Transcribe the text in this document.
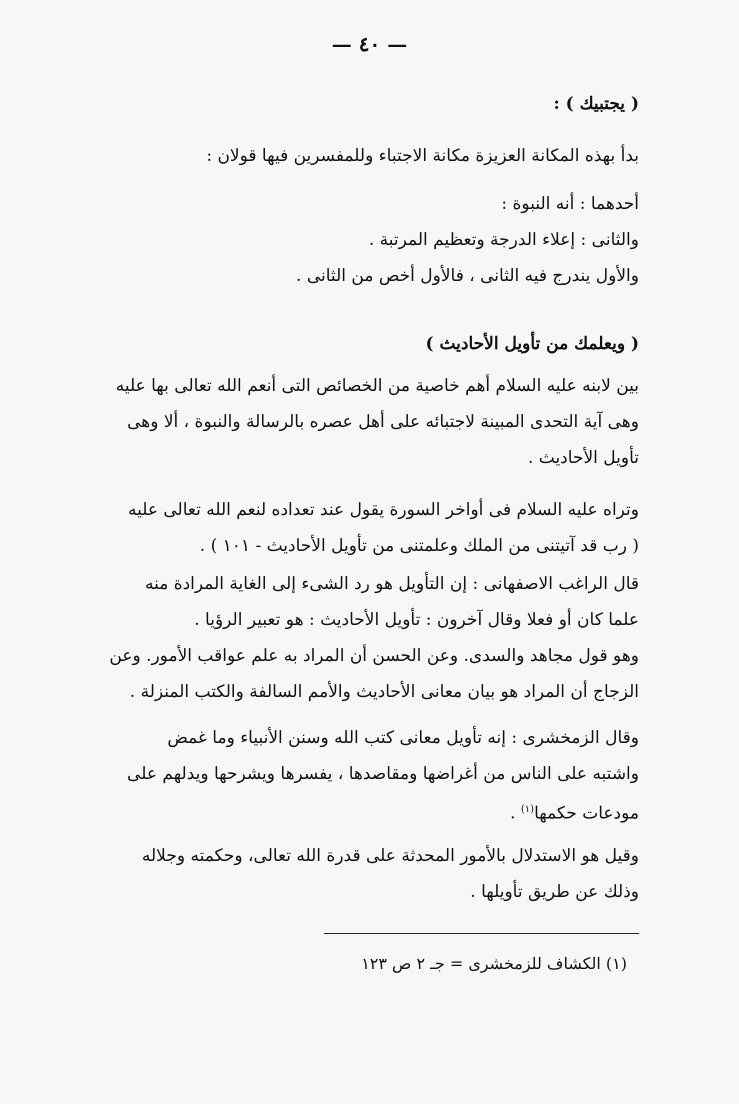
— ٤٠ —
( يجتبيك ) :
بدأ بهذه المكانة العزيزة مكانة الاجتباء وللمفسرين فيها قولان :
أحدهما : أنه النبوة :
والثانى : إعلاء الدرجة وتعظيم المرتبة .
والأول يندرج فيه الثانى ، فالأول أخص من الثانى .
( ويعلمك من تأويل الأحاديث )
بين لابنه عليه السلام أهم خاصية من الخصائص التى أنعم الله تعالى بها عليه
وهى آية التحدى المبينة لاجتبائه على أهل عصره بالرسالة والنبوة ، ألا وهى
تأويل الأحاديث .
وتراه عليه السلام فى أواخر السورة يقول عند تعداده لنعم الله تعالى عليه
( رب قد آتيتنى من الملك وعلمتنى من تأويل الأحاديث - ١٠١ ) .
قال الراغب الاصفهانى : إن التأويل هو رد الشىء إلى الغاية المرادة منه
علما كان أو فعلا وقال آخرون : تأويل الأحاديث : هو تعبير الرؤيا .
وهو قول مجاهد والسدى. وعن الحسن أن المراد به علم عواقب الأمور. وعن
الزجاج أن المراد هو بيان معانى الأحاديث والأمم السالفة والكتب المنزلة .
وقال الزمخشرى : إنه تأويل معانى كتب الله وسنن الأنبياء وما غمض
واشتبه على الناس من أغراضها ومقاصدها ، يفسرها ويشرحها ويدلهم على
مودعات حكمها$^{(١)}$ .
وقيل هو الاستدلال بالأمور المحدثة على قدرة الله تعالى، وحكمته وجلاله
وذلك عن طريق تأويلها .
(١) الكشاف للزمخشرى = جـ ٢ ص ١٢٣
